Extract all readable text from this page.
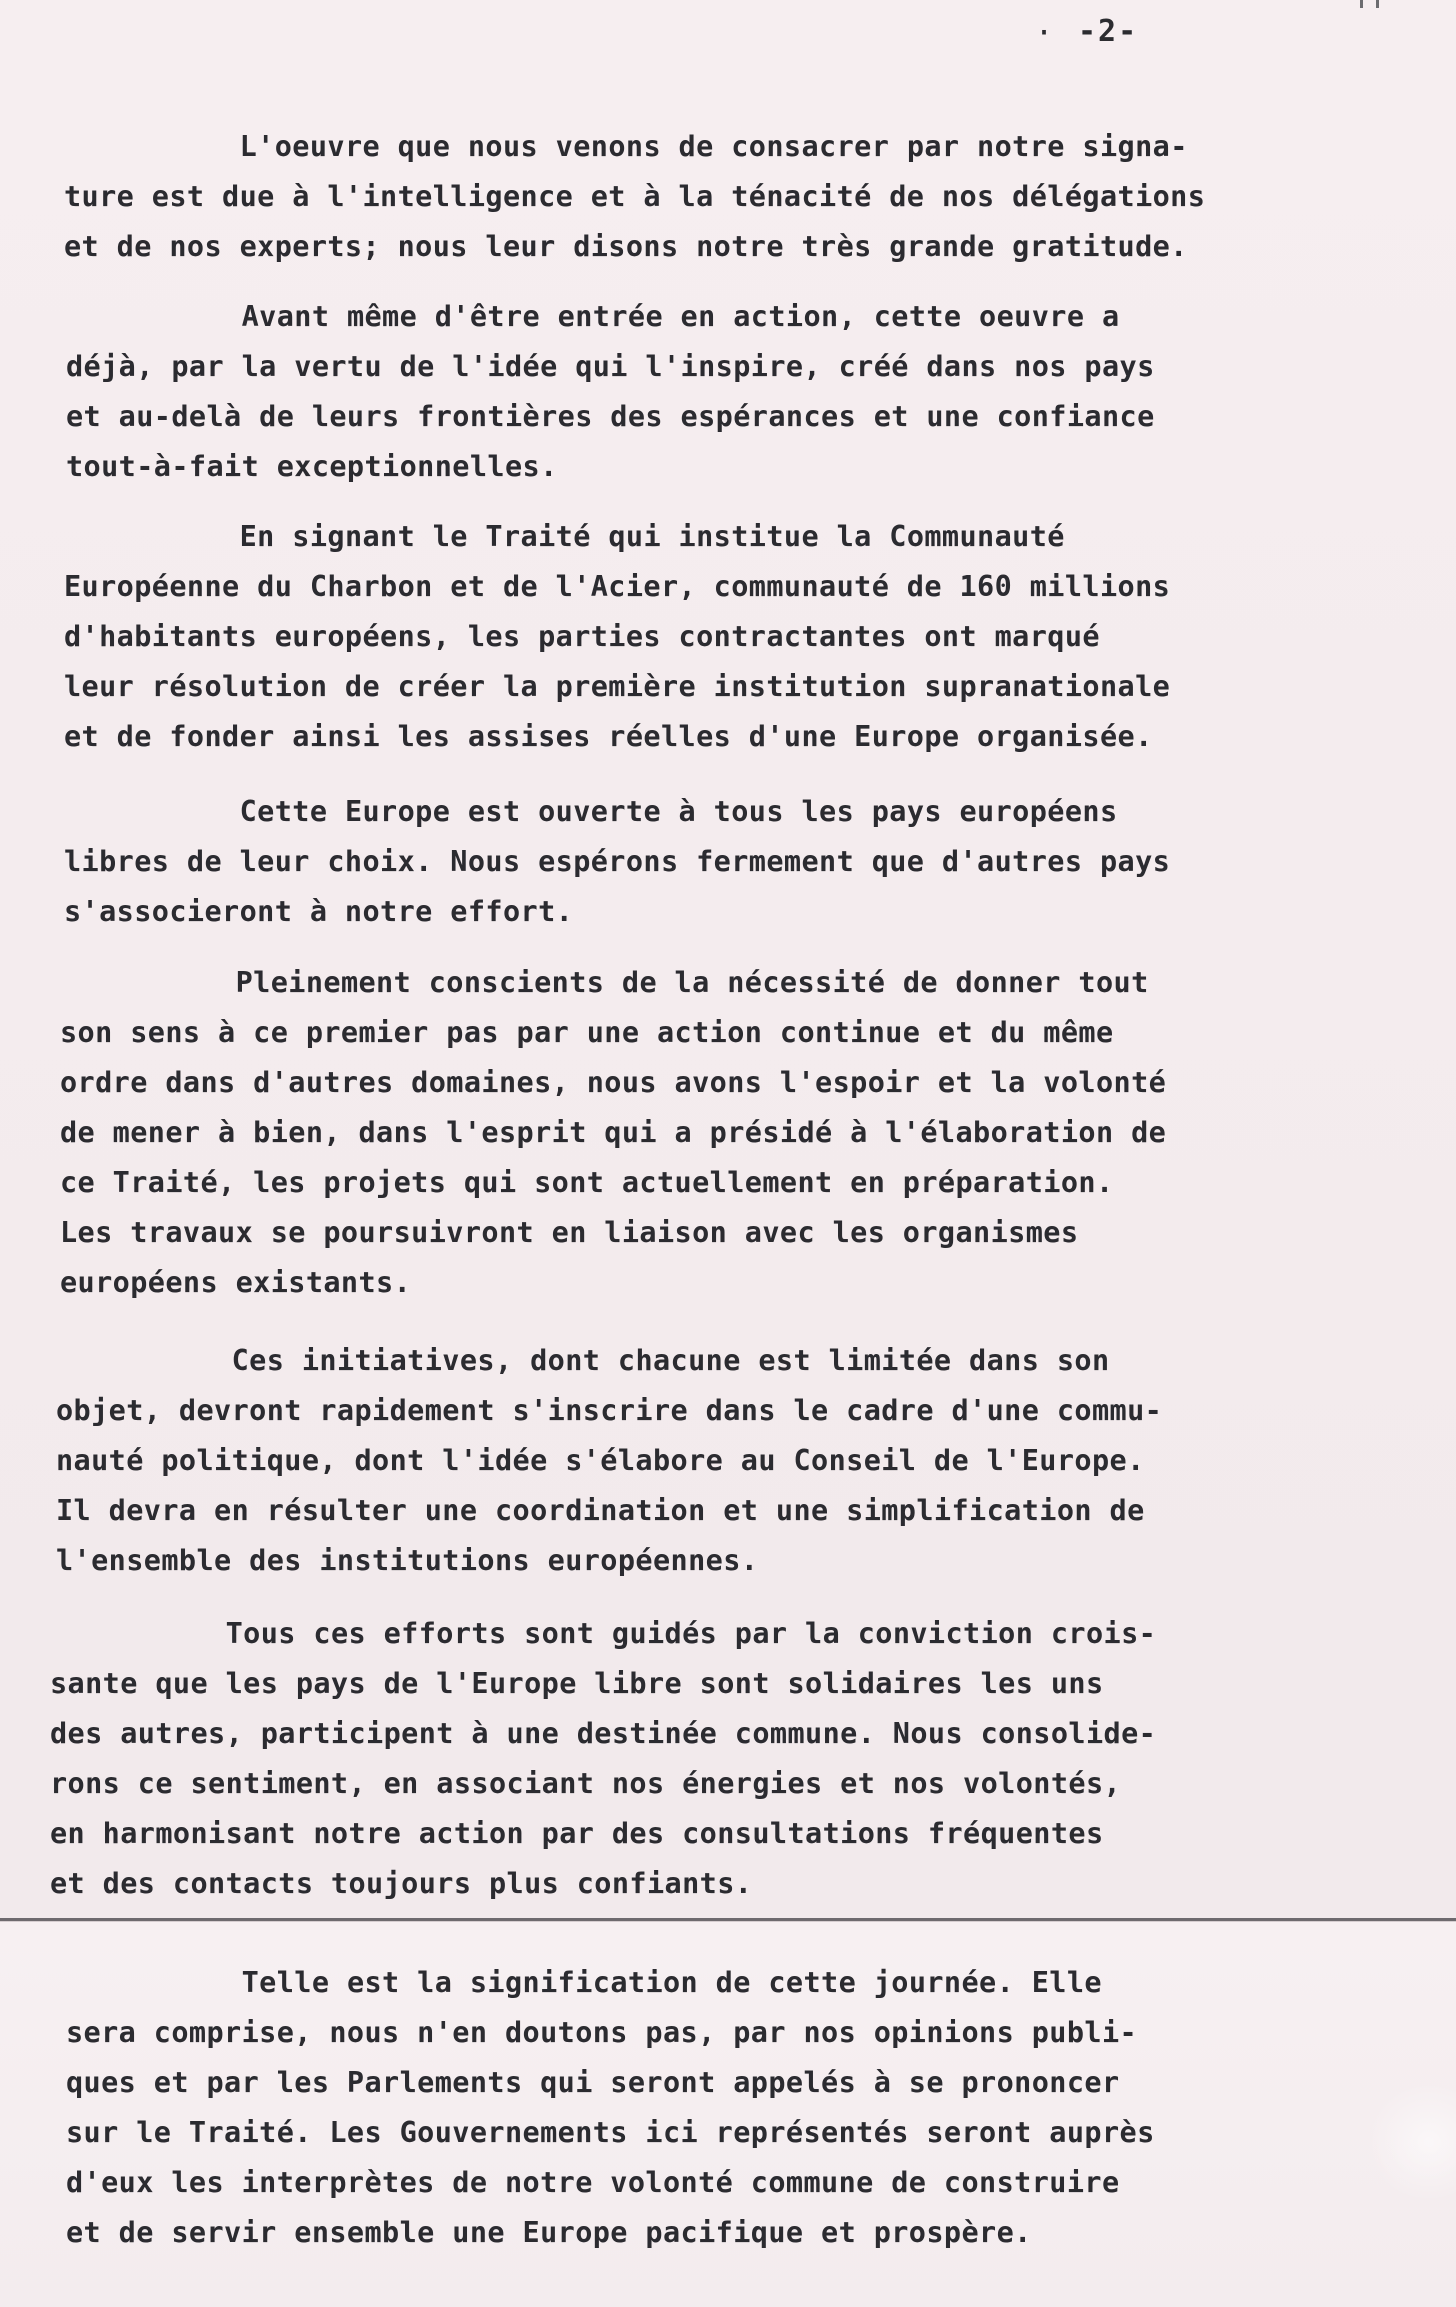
· -2-

L'oeuvre que nous venons de consacrer par notre signa-
ture est due à l'intelligence et à la ténacité de nos délégations
et de nos experts; nous leur disons notre très grande gratitude.

Avant même d'être entrée en action, cette oeuvre a
déjà, par la vertu de l'idée qui l'inspire, créé dans nos pays
et au-delà de leurs frontières des espérances et une confiance
tout-à-fait exceptionnelles.

En signant le Traité qui institue la Communauté
Européenne du Charbon et de l'Acier, communauté de 160 millions
d'habitants européens, les parties contractantes ont marqué
leur résolution de créer la première institution supranationale
et de fonder ainsi les assises réelles d'une Europe organisée.

Cette Europe est ouverte à tous les pays européens
libres de leur choix. Nous espérons fermement que d'autres pays
s'associeront à notre effort.

Pleinement conscients de la nécessité de donner tout
son sens à ce premier pas par une action continue et du même
ordre dans d'autres domaines, nous avons l'espoir et la volonté
de mener à bien, dans l'esprit qui a présidé à l'élaboration de
ce Traité, les projets qui sont actuellement en préparation.
Les travaux se poursuivront en liaison avec les organismes
européens existants.

Ces initiatives, dont chacune est limitée dans son
objet, devront rapidement s'inscrire dans le cadre d'une commu-
nauté politique, dont l'idée s'élabore au Conseil de l'Europe.
Il devra en résulter une coordination et une simplification de
l'ensemble des institutions européennes.

Tous ces efforts sont guidés par la conviction crois-
sante que les pays de l'Europe libre sont solidaires les uns
des autres, participent à une destinée commune. Nous consolide-
rons ce sentiment, en associant nos énergies et nos volontés,
en harmonisant notre action par des consultations fréquentes
et des contacts toujours plus confiants.

Telle est la signification de cette journée. Elle
sera comprise, nous n'en doutons pas, par nos opinions publi-
ques et par les Parlements qui seront appelés à se prononcer
sur le Traité. Les Gouvernements ici représentés seront auprès
d'eux les interprètes de notre volonté commune de construire
et de servir ensemble une Europe pacifique et prospère.
